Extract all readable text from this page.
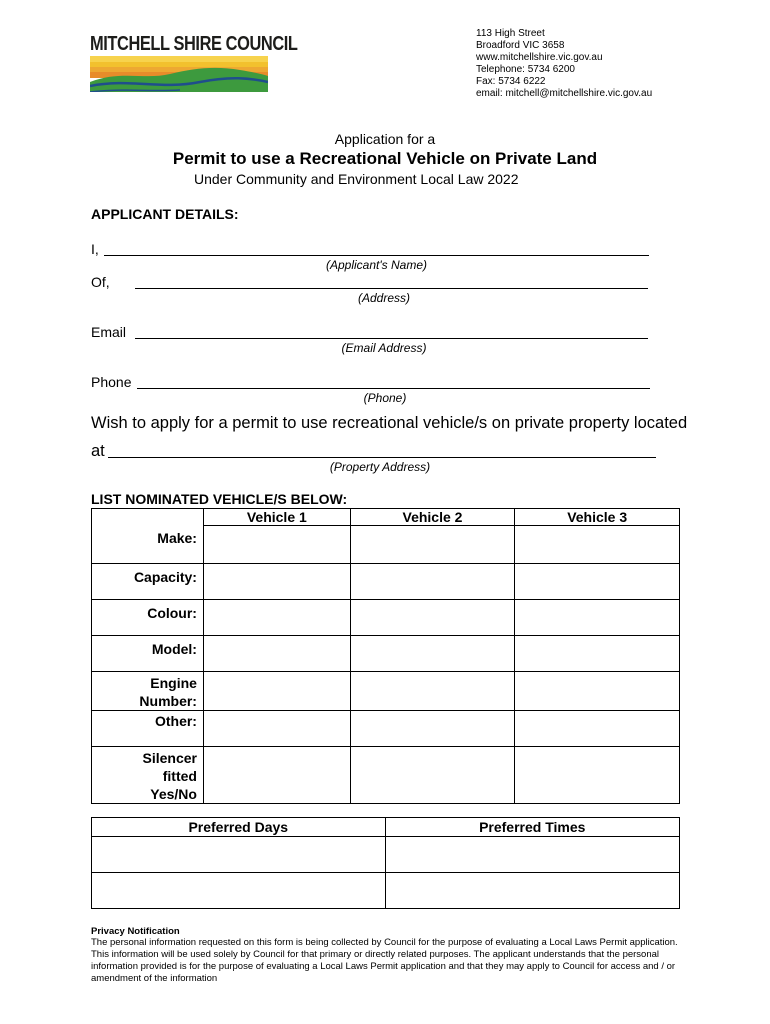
MITCHELL SHIRE COUNCIL	113 High Street
Broadford VIC 3658
www.mitchellshire.vic.gov.au
Telephone: 5734 6200
Fax: 5734 6222
email: mitchell@mitchellshire.vic.gov.au
Application for a
Permit to use a Recreational Vehicle on Private Land
Under Community and Environment Local Law 2022
APPLICANT DETAILS:
I,
(Applicant's Name)
Of,
(Address)
Email
(Email Address)
Phone
(Phone)
Wish to apply for a permit to use recreational vehicle/s on private property located
at
(Property Address)
LIST NOMINATED VEHICLE/S BELOW:
	Vehicle 1	Vehicle 2	Vehicle 3
Make:			
Capacity:			
Colour:			
Model:			
Engine Number:			
Other:			
Silencer fitted Yes/No			
Preferred Days	Preferred Times

Privacy Notification
The personal information requested on this form is being collected by Council for the purpose of evaluating a Local Laws Permit application. This information will be used solely by Council for that primary or directly related purposes. The applicant understands that the personal information provided is for the purpose of evaluating a Local Laws Permit application and that they may apply to Council for access and / or amendment of the information
